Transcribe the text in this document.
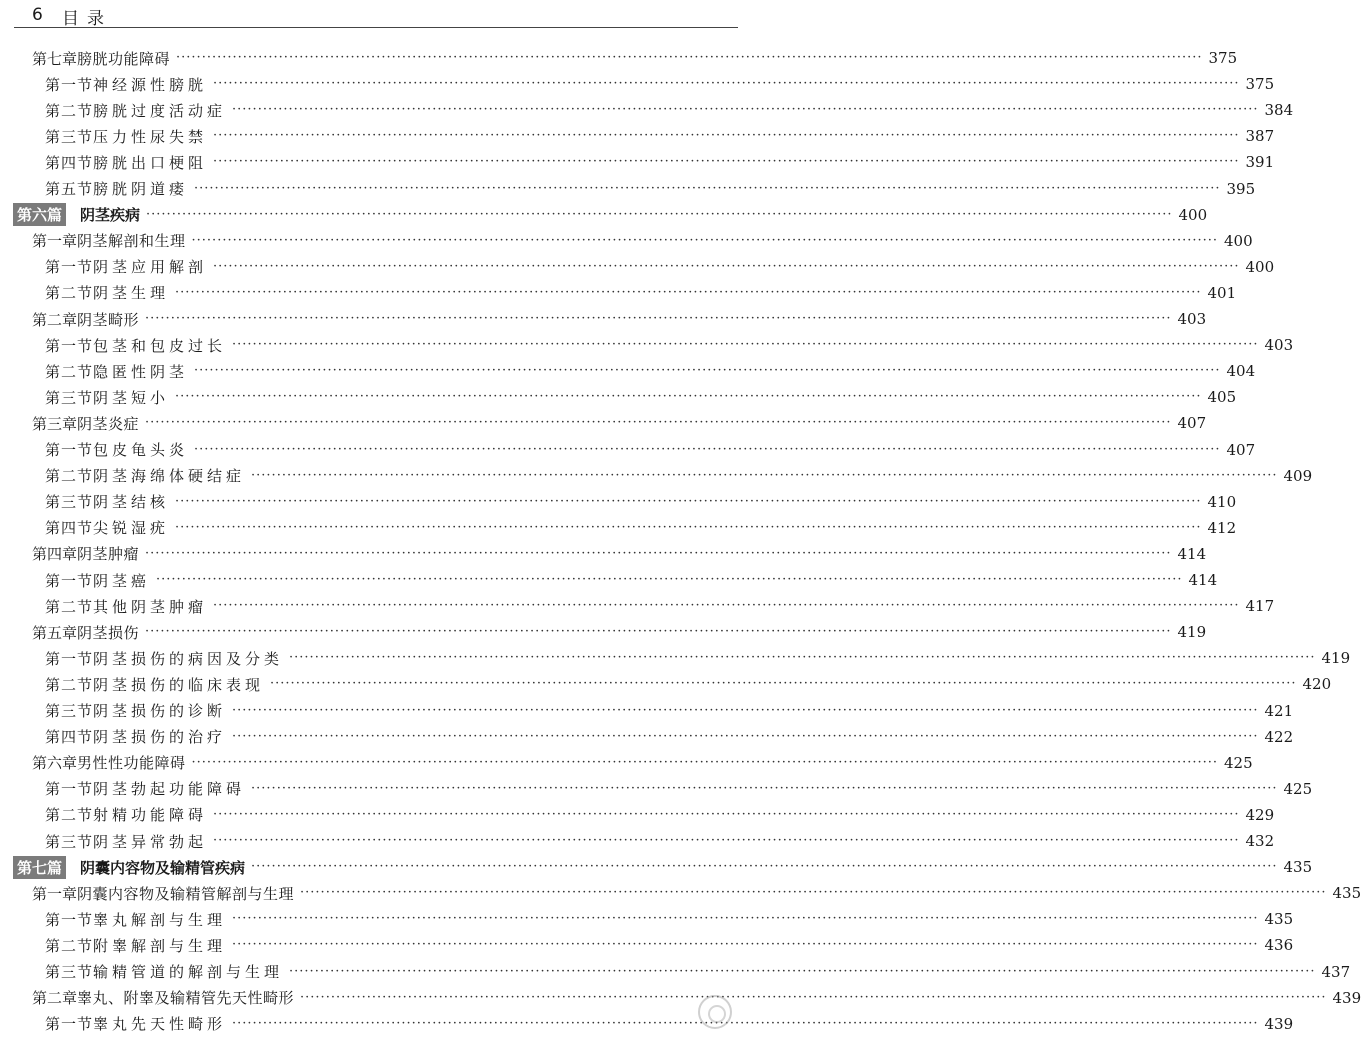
6 目录
第七章 膀胱功能障碍 ········································································································································································································ 375
第一节 神经源性膀胱 ········································································································································································································ 375
第二节 膀胱过度活动症 ········································································································································································································ 384
第三节 压力性尿失禁 ········································································································································································································ 387
第四节 膀胱出口梗阻 ········································································································································································································ 391
第五节 膀胱阴道瘘 ········································································································································································································ 395
第六篇 阴茎疾病 ········································································································································································································ 400
第一章 阴茎解剖和生理 ········································································································································································································ 400
第一节 阴茎应用解剖 ········································································································································································································ 400
第二节 阴茎生理 ········································································································································································································ 401
第二章 阴茎畸形 ········································································································································································································ 403
第一节 包茎和包皮过长 ········································································································································································································ 403
第二节 隐匿性阴茎 ········································································································································································································ 404
第三节 阴茎短小 ········································································································································································································ 405
第三章 阴茎炎症 ········································································································································································································ 407
第一节 包皮龟头炎 ········································································································································································································ 407
第二节 阴茎海绵体硬结症 ········································································································································································································ 409
第三节 阴茎结核 ········································································································································································································ 410
第四节 尖锐湿疣 ········································································································································································································ 412
第四章 阴茎肿瘤 ········································································································································································································ 414
第一节 阴茎癌 ········································································································································································································ 414
第二节 其他阴茎肿瘤 ········································································································································································································ 417
第五章 阴茎损伤 ········································································································································································································ 419
第一节 阴茎损伤的病因及分类 ········································································································································································································ 419
第二节 阴茎损伤的临床表现 ········································································································································································································ 420
第三节 阴茎损伤的诊断 ········································································································································································································ 421
第四节 阴茎损伤的治疗 ········································································································································································································ 422
第六章 男性性功能障碍 ········································································································································································································ 425
第一节 阴茎勃起功能障碍 ········································································································································································································ 425
第二节 射精功能障碍 ········································································································································································································ 429
第三节 阴茎异常勃起 ········································································································································································································ 432
第七篇 阴囊内容物及输精管疾病 ········································································································································································································ 435
第一章 阴囊内容物及输精管解剖与生理 ········································································································································································································ 435
第一节 睾丸解剖与生理 ········································································································································································································ 435
第二节 附睾解剖与生理 ········································································································································································································ 436
第三节 输精管道的解剖与生理 ········································································································································································································ 437
第二章 睾丸、附睾及输精管先天性畸形 ········································································································································································································ 439
第一节 睾丸先天性畸形 ········································································································································································································ 439
